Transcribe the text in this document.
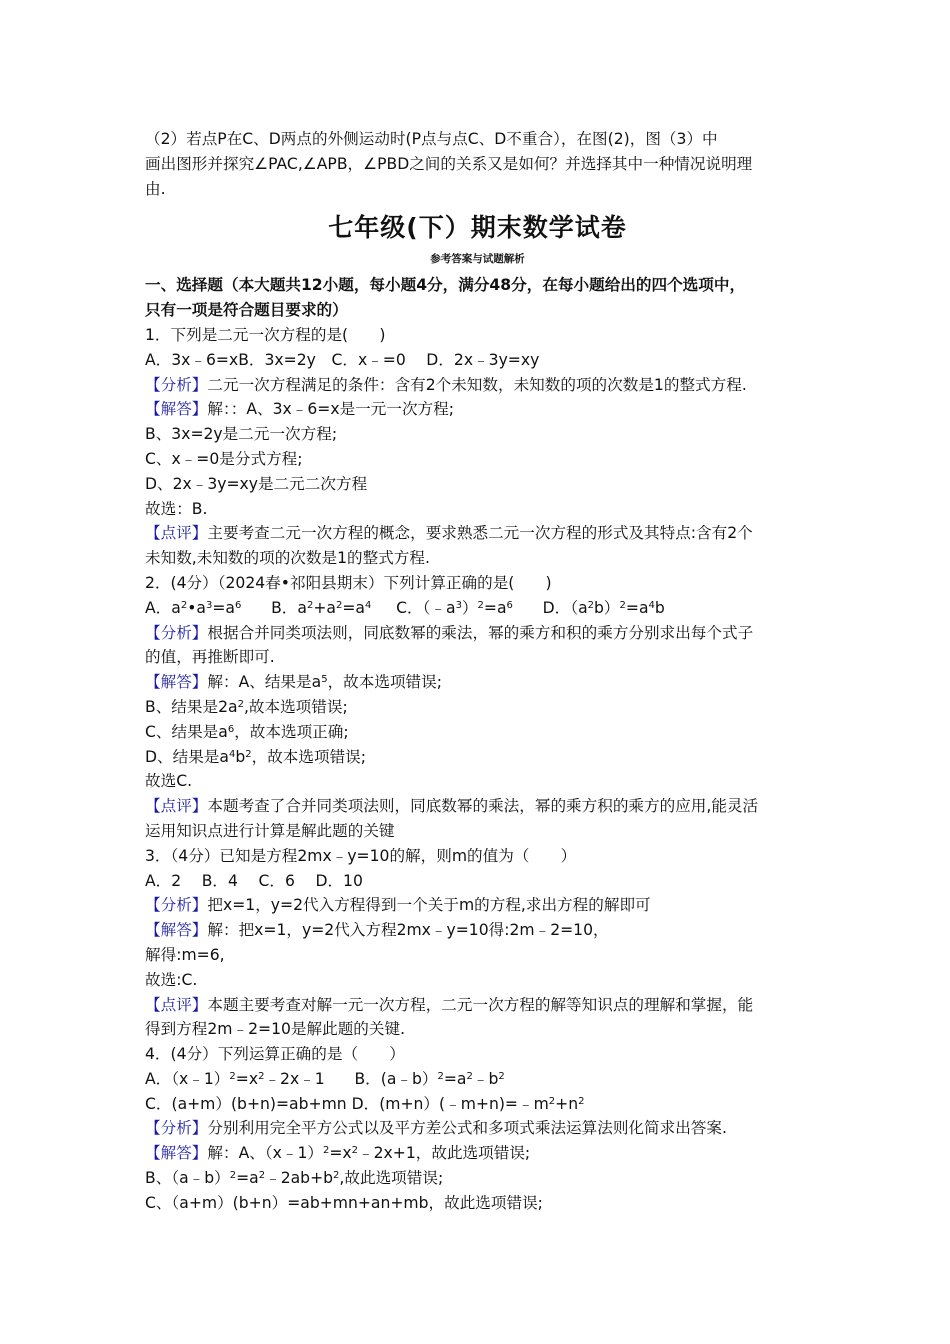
（2）若点P在C、D两点的外侧运动时(P点与点C、D不重合），在图(2)，图（3）中
画出图形并探究∠PAC,∠APB，∠PBD之间的关系又是如何？并选择其中一种情况说明理
由.
七年级(下）期末数学试卷
参考答案与试题解析
一、选择题（本大题共12小题，每小题4分，满分48分，在每小题给出的四个选项中，
只有一项是符合题目要求的）
1．下列是二元一次方程的是(　　)
A．3x﹣6=xB．3x=2y　C．x﹣=0　 D．2x﹣3y=xy
【分析】二元一次方程满足的条件：含有2个未知数，未知数的项的次数是1的整式方程.
【解答】解：：A、3x﹣6=x是一元一次方程;
B、3x=2y是二元一次方程;
C、x﹣=0是分式方程;
D、2x﹣3y=xy是二元二次方程
故选：B.
【点评】主要考查二元一次方程的概念，要求熟悉二元一次方程的形式及其特点:含有2个
未知数,未知数的项的次数是1的整式方程.
2．(4分）（2024春•祁阳县期末）下列计算正确的是(　　)
A．$a^2•a^3=a^6$ B．$a^2+a^2=a^4$ C．$(﹣a^3)^2=a^6$ D．$(a^2b)^2=a^4b$
【分析】根据合并同类项法则，同底数幂的乘法，幂的乘方和积的乘方分别求出每个式子
的值，再推断即可.
【解答】解：A、结果是$a^5$，故本选项错误;
B、结果是$2a^2$,故本选项错误;
C、结果是$a^6$，故本选项正确;
D、结果是$a^4b^2$，故本选项错误;
故选C.
【点评】本题考查了合并同类项法则，同底数幂的乘法，幂的乘方积的乘方的应用,能灵活
运用知识点进行计算是解此题的关键
3．（4分）已知是方程2mx﹣y=10的解，则m的值为（　　）
A．2　 B．4　 C．6　 D．10
【分析】把x=1，y=2代入方程得到一个关于m的方程,求出方程的解即可
【解答】解：把x=1，y=2代入方程2mx﹣y=10得:2m﹣2=10，
解得:m=6,
故选:C.
【点评】本题主要考查对解一元一次方程，二元一次方程的解等知识点的理解和掌握，能
得到方程2m﹣2=10是解此题的关键.
4．(4分）下列运算正确的是（　　）
A．$(x﹣1)^2=x^2﹣2x﹣1$      B．$(a﹣b)^2=a^2﹣b^2$
C．(a+m）(b+n)=ab+mn D．$(m+n)(﹣m+n)=﹣m^2+n^2$
【分析】分别利用完全平方公式以及平方差公式和多项式乘法运算法则化简求出答案.
【解答】解：A、$(x﹣1)^2=x^2﹣2x+1$，故此选项错误;
B、$(a﹣b)^2=a^2﹣2ab+b^2$,故此选项错误;
C、（a+m）(b+n）=ab+mn+an+mb，故此选项错误;
